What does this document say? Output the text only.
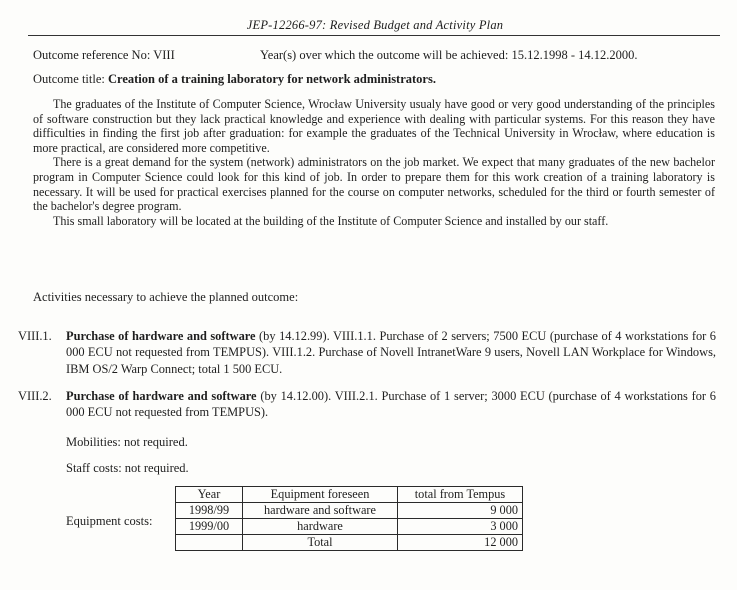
JEP-12266-97: Revised Budget and Activity Plan
Outcome reference No: VIII	Year(s) over which the outcome will be achieved: 15.12.1998 - 14.12.2000.
Outcome title: Creation of a training laboratory for network administrators.

The graduates of the Institute of Computer Science, Wrocław University usualy have good or very good understanding of the principles of software construction but they lack practical knowledge and experience with dealing with particular systems. For this reason they have difficulties in finding the first job after graduation: for example the graduates of the Technical University in Wrocław, where education is more practical, are considered more competitive.

There is a great demand for the system (network) administrators on the job market. We expect that many graduates of the new bachelor program in Computer Science could look for this kind of job. In order to prepare them for this work creation of a training laboratory is necessary. It will be used for practical exercises planned for the course on computer networks, scheduled for the third or fourth semester of the bachelor's degree program.

This small laboratory will be located at the building of the Institute of Computer Science and installed by our staff.

Activities necessary to achieve the planned outcome:
VIII.1. Purchase of hardware and software (by 14.12.99). VIII.1.1. Purchase of 2 servers; 7500 ECU (purchase of 4 workstations for 6 000 ECU not requested from TEMPUS). VIII.1.2. Purchase of Novell IntranetWare 9 users, Novell LAN Workplace for Windows, IBM OS/2 Warp Connect; total 1 500 ECU.
VIII.2. Purchase of hardware and software (by 14.12.00). VIII.2.1. Purchase of 1 server; 3000 ECU (purchase of 4 workstations for 6 000 ECU not requested from TEMPUS).
Mobilities: not required.
Staff costs: not required.
Equipment costs:
Year	Equipment foreseen	total from Tempus
1998/99	hardware and software	9 000
1999/00	hardware	3 000
	Total	12 000
